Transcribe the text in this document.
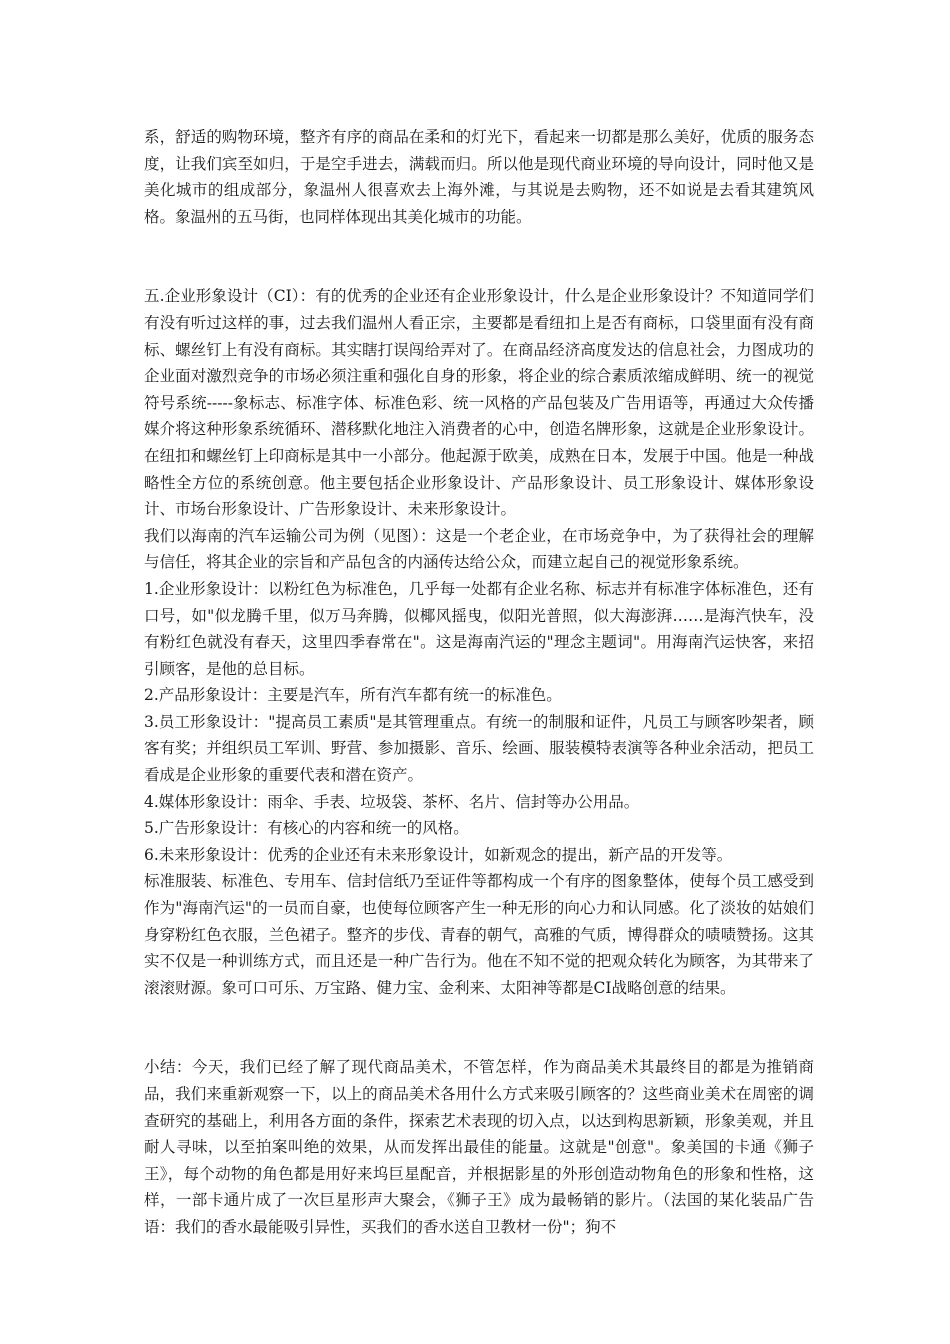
系，舒适的购物环境，整齐有序的商品在柔和的灯光下，看起来一切都是那么美好，优质的服务态度，让我们宾至如归，于是空手进去，满载而归。所以他是现代商业环境的导向设计，同时他又是美化城市的组成部分，象温州人很喜欢去上海外滩，与其说是去购物，还不如说是去看其建筑风格。象温州的五马街，也同样体现出其美化城市的功能。

五.企业形象设计（CI）：有的优秀的企业还有企业形象设计，什么是企业形象设计？不知道同学们有没有听过这样的事，过去我们温州人看正宗，主要都是看纽扣上是否有商标，口袋里面有没有商标、螺丝钉上有没有商标。其实瞎打误闯给弄对了。在商品经济高度发达的信息社会，力图成功的企业面对激烈竞争的市场必须注重和强化自身的形象，将企业的综合素质浓缩成鲜明、统一的视觉符号系统-----象标志、标准字体、标准色彩、统一风格的产品包装及广告用语等，再通过大众传播媒介将这种形象系统循环、潜移默化地注入消费者的心中，创造名牌形象，这就是企业形象设计。在纽扣和螺丝钉上印商标是其中一小部分。他起源于欧美，成熟在日本，发展于中国。他是一种战略性全方位的系统创意。他主要包括企业形象设计、产品形象设计、员工形象设计、媒体形象设计、市场台形象设计、广告形象设计、未来形象设计。

我们以海南的汽车运输公司为例（见图）：这是一个老企业，在市场竞争中，为了获得社会的理解与信任，将其企业的宗旨和产品包含的内涵传达给公众，而建立起自己的视觉形象系统。

1.企业形象设计：以粉红色为标准色，几乎每一处都有企业名称、标志并有标准字体标准色，还有口号，如"似龙腾千里，似万马奔腾，似椰风摇曳，似阳光普照，似大海澎湃……是海汽快车，没有粉红色就没有春天，这里四季春常在"。这是海南汽运的"理念主题词"。用海南汽运快客，来招引顾客，是他的总目标。

2.产品形象设计：主要是汽车，所有汽车都有统一的标准色。

3.员工形象设计："提高员工素质"是其管理重点。有统一的制服和证件，凡员工与顾客吵架者，顾客有奖；并组织员工军训、野营、参加摄影、音乐、绘画、服装模特表演等各种业余活动，把员工看成是企业形象的重要代表和潜在资产。

4.媒体形象设计：雨伞、手表、垃圾袋、茶杯、名片、信封等办公用品。

5.广告形象设计：有核心的内容和统一的风格。

6.未来形象设计：优秀的企业还有未来形象设计，如新观念的提出，新产品的开发等。

标准服装、标准色、专用车、信封信纸乃至证件等都构成一个有序的图象整体，使每个员工感受到作为"海南汽运"的一员而自豪，也使每位顾客产生一种无形的向心力和认同感。化了淡妆的姑娘们身穿粉红色衣服，兰色裙子。整齐的步伐、青春的朝气，高雅的气质，博得群众的啧啧赞扬。这其实不仅是一种训练方式，而且还是一种广告行为。他在不知不觉的把观众转化为顾客，为其带来了滚滚财源。象可口可乐、万宝路、健力宝、金利来、太阳神等都是CI战略创意的结果。

小结：今天，我们已经了解了现代商品美术，不管怎样，作为商品美术其最终目的都是为推销商品，我们来重新观察一下，以上的商品美术各用什么方式来吸引顾客的？这些商业美术在周密的调查研究的基础上，利用各方面的条件，探索艺术表现的切入点，以达到构思新颖，形象美观，并且耐人寻味，以至拍案叫绝的效果，从而发挥出最佳的能量。这就是"创意"。象美国的卡通《狮子王》，每个动物的角色都是用好来坞巨星配音，并根据影星的外形创造动物角色的形象和性格，这样，一部卡通片成了一次巨星形声大聚会，《狮子王》成为最畅销的影片。（法国的某化装品广告语：我们的香水最能吸引异性，买我们的香水送自卫教材一份"；狗不
